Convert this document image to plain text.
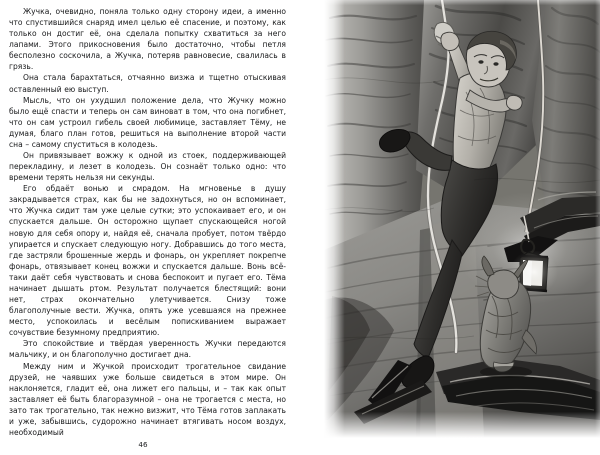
Жучка, очевидно, поняла только одну сторону идеи, а именно что спустившийся снаряд имел целью её спасение, и поэтому, как только он достиг её, она сделала попытку схватиться за него лапами. Этого прикосновения было достаточно, чтобы петля бесполезно соскочила, а Жучка, потеряв равновесие, свалилась в грязь.

Она стала барахтаться, отчаянно визжа и тщетно отыскивая оставленный ею выступ.

Мысль, что он ухудшил положение дела, что Жучку можно было ещё спасти и теперь он сам виноват в том, что она погибнет, что он сам устроил гибель своей любимице, заставляет Тёму, не думая, благо план готов, решиться на выполнение второй части сна – самому спуститься в колодезь.

Он привязывает вожжу к одной из стоек, поддерживающей перекладину, и лезет в колодезь. Он сознаёт только одно: что времени терять нельзя ни секунды.

Его обдаёт вонью и смрадом. На мгновенье в душу закрадывается страх, как бы не задохнуться, но он вспоминает, что Жучка сидит там уже целые сутки; это успокаивает его, и он спускается дальше. Он осторожно щупает спускающейся ногой новую для себя опору и, найдя её, сначала пробует, потом твёрдо упирается и спускает следующую ногу. Добравшись до того места, где застряли брошенные жердь и фонарь, он укрепляет покрепче фонарь, отвязывает конец вожжи и спускается дальше. Вонь всё-таки даёт себя чувствовать и снова беспокоит и пугает его. Тёма начинает дышать ртом. Результат получается блестящий: вони нет, страх окончательно улетучивается. Снизу тоже благополучные вести. Жучка, опять уже усевшаяся на прежнее место, успокоилась и весёлым попискиванием выражает сочувствие безумному предприятию.

Это спокойствие и твёрдая уверенность Жучки передаются мальчику, и он благополучно достигает дна.

Между ним и Жучкой происходит трогательное свидание друзей, не чаявших уже больше свидеться в этом мире. Он наклоняется, гладит её, она лижет его пальцы, и – так как опыт заставляет её быть благоразумной – она не трогается с места, но зато так трогательно, так нежно визжит, что Тёма готов заплакать и уже, забывшись, судорожно начинает втягивать носом воздух, необходимый

46
